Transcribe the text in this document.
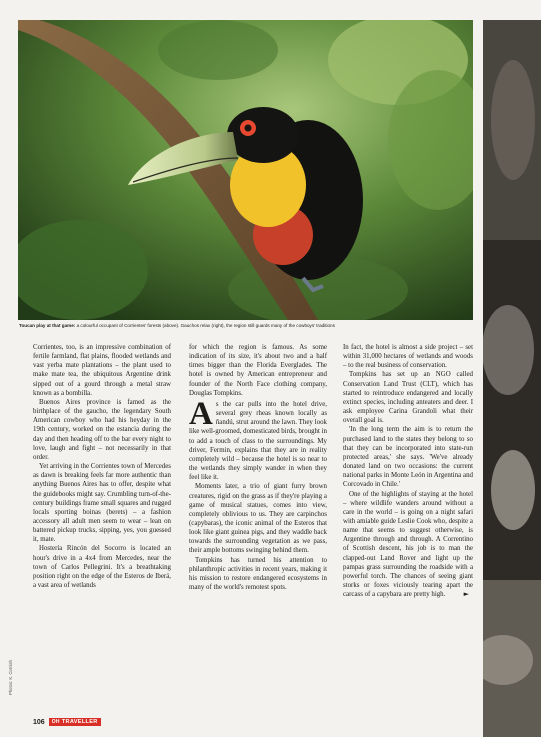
Toucan play at that game: a colourful occupant of Corrientes’ forests (above). Gauchos relax (right), the region still guards many of the cowboys’ traditions

Corrientes, too, is an impressive combination of fertile farmland, flat plains, flooded wetlands and vast yerba mate plantations – the plant used to make mate tea, the ubiquitous Argentine drink sipped out of a gourd through a metal straw known as a bombilla.

Buenos Aires province is famed as the birthplace of the gaucho, the legendary South American cowboy who had his heyday in the 19th century, worked on the estancia during the day and then heading off to the bar every night to love, laugh and fight – not necessarily in that order.

Yet arriving in the Corrientes town of Mercedes as dawn is breaking feels far more authentic than anything Buenos Aires has to offer, despite what the guidebooks might say. Crumbling turn-of-the-century buildings frame small squares and rugged locals sporting boinas (berets) – a fashion accessory all adult men seem to wear – lean on battered pickup trucks, sipping, yes, you guessed it, mate.

Hostería Rincón del Socorro is located an hour's drive in a 4x4 from Mercedes, near the town of Carlos Pellegrini. It's a breathtaking position right on the edge of the Esteros de Iberá, a vast area of wetlands

for which the region is famous. As some indication of its size, it's about two and a half times bigger than the Florida Everglades. The hotel is owned by American entrepreneur and founder of the North Face clothing company, Douglas Tompkins.

As the car pulls into the hotel drive, several grey rheas known locally as ñandú, strut around the lawn. They look like well-groomed, domesticated birds, brought in to add a touch of class to the surroundings. My driver, Fermin, explains that they are in reality completely wild – because the hotel is so near to the wetlands they simply wander in when they feel like it.

Moments later, a trio of giant furry brown creatures, rigid on the grass as if they're playing a game of musical statues, comes into view, completely oblivious to us. They are carpinchos (capybaras), the iconic animal of the Esteros that look like giant guinea pigs, and they waddle back towards the surrounding vegetation as we pass, their ample bottoms swinging behind them.

Tompkins has turned his attention to philanthropic activities in recent years, making it his mission to restore endangered ecosystems in many of the world's remotest spots.

In fact, the hotel is almost a side project – set within 31,000 hectares of wetlands and woods – to the real business of conservation.

Tompkins has set up an NGO called Conservation Land Trust (CLT), which has started to reintroduce endangered and locally extinct species, including anteaters and deer. I ask employee Carina Grandoli what their overall goal is.

'In the long term the aim is to return the purchased land to the states they belong to so that they can be incorporated into state-run protected areas,' she says. 'We've already donated land on two occasions: the current national parks in Monte León in Argentina and Corcovado in Chile.'

One of the highlights of staying at the hotel – where wildlife wanders around without a care in the world – is going on a night safari with amiable guide Leslie Cook who, despite a name that seems to suggest otherwise, is Argentine through and through. A Correntino of Scottish descent, his job is to man the clapped-out Land Rover and light up the pampas grass surrounding the roadside with a powerful torch. The chances of seeing giant storks or foxes viciously tearing apart the carcass of a capybara are pretty high.	►

Photos: K. Cornish
106 OH TRAVELLER
